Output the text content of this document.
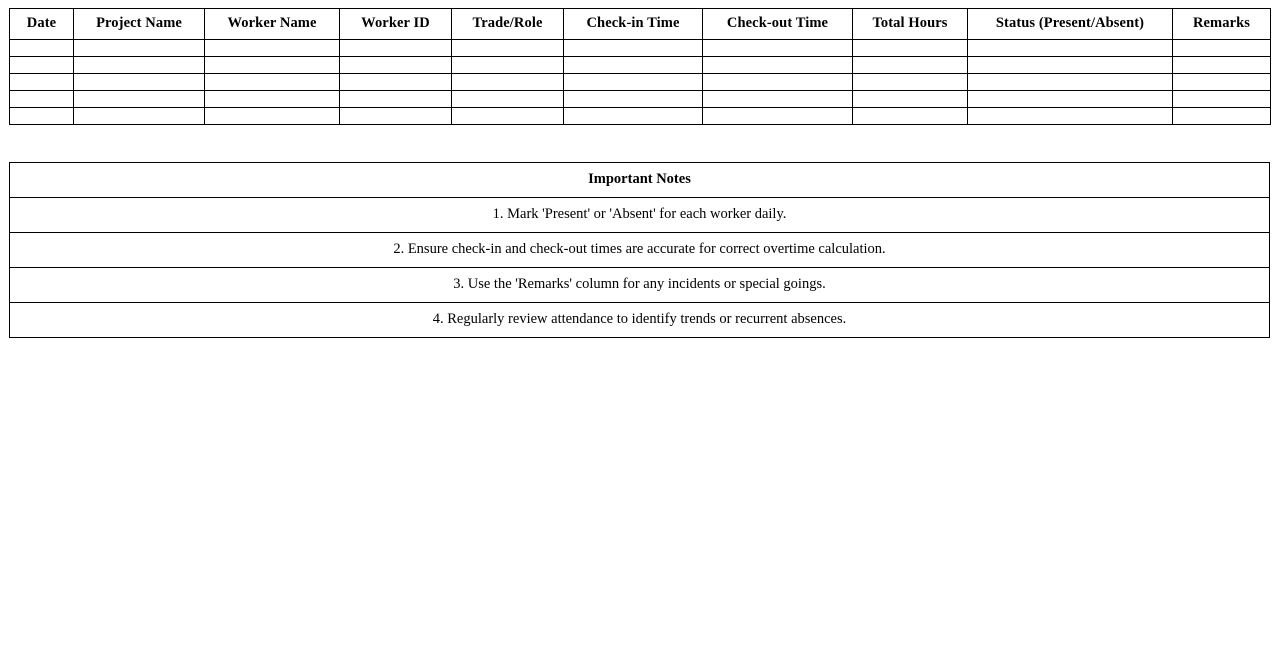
Date	Project Name	Worker Name	Worker ID	Trade/Role	Check-in Time	Check-out Time	Total Hours	Status (Present/Absent)	Remarks

Important Notes
1. Mark 'Present' or 'Absent' for each worker daily.
2. Ensure check-in and check-out times are accurate for correct overtime calculation.
3. Use the 'Remarks' column for any incidents or special goings.
4. Regularly review attendance to identify trends or recurrent absences.
